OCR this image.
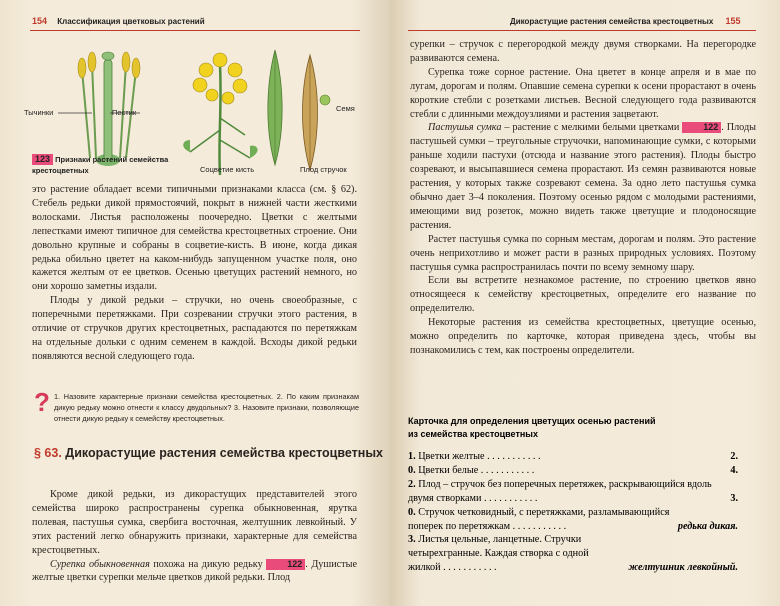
154 Классификация цветковых растений
Тычинки	Пестик	Семя
Соцветие кисть	Плод стручок
123 Признаки растений семейства крестоцветных

это растение обладает всеми типичными признаками класса (см. § 62). Стебель редьки дикой прямостоячий, покрыт в нижней части жесткими волосками. Листья расположены поочередно. Цветки с желтыми лепестками имеют типичное для семейства крестоцветных строение. Они довольно крупные и собраны в соцветие-кисть. В июне, когда дикая редька обильно цветет на каком-нибудь запущенном участке поля, оно кажется желтым от ее цветков. Осенью цветущих растений немного, но они хорошо заметны издали.

Плоды у дикой редьки – стручки, но очень своеобразные, с поперечными перетяжками. При созревании стручки этого растения, в отличие от стручков других крестоцветных, распадаются по перетяжкам на отдельные дольки с одним семенем в каждой. Всходы дикой редьки появляются весной следующего года.

? 1. Назовите характерные признаки семейства крестоцветных. 2. По каким признакам дикую редьку можно отнести к классу двудольных? 3. Назовите признаки, позволяющие отнести дикую редьку к семейству крестоцветных.
§ 63. Дикорастущие растения семейства крестоцветных

Кроме дикой редьки, из дикорастущих представителей этого семейства широко распространены сурепка обыкновенная, ярутка полевая, пастушья сумка, свербига восточная, желтушник левкойный. У этих растений легко обнаружить признаки, характерные для семейства крестоцветных.

Сурепка обыкновенная похожа на дикую редьку 122 . Душистые желтые цветки сурепки мельче цветков дикой редьки. Плод

Дикорастущие растения семейства крестоцветных 155

сурепки – стручок с перегородкой между двумя створками. На перегородке развиваются семена.

Сурепка тоже сорное растение. Она цветет в конце апреля и в мае по лугам, дорогам и полям. Опавшие семена сурепки к осени прорастают в очень короткие стебли с розетками листьев. Весной следующего года развиваются стебли с длинными междоузлиями и растения зацветают.

Пастушья сумка – растение с мелкими белыми цветками 122 . Плоды пастушьей сумки – треугольные стручочки, напоминающие сумки, с которыми раньше ходили пастухи (отсюда и название этого растения). Плоды быстро созревают, и высыпавшиеся семена прорастают. Из семян развиваются новые растения, у которых также созревают семена. За одно лето пастушья сумка обычно дает 3–4 поколения. Поэтому осенью рядом с молодыми растениями, имеющими вид розеток, можно видеть также цветущие и плодоносящие растения.

Растет пастушья сумка по сорным местам, дорогам и полям. Это растение очень неприхотливо и может расти в разных природных условиях. Поэтому пастушья сумка распространилась почти по всему земному шару.

Если вы встретите незнакомое растение, по строению цветков явно относящееся к семейству крестоцветных, определите его название по определителю.

Некоторые растения из семейства крестоцветных, цветущие осенью, можно определить по карточке, которая приведена здесь, чтобы вы познакомились с тем, как построены определители.

Карточка для определения цветущих осенью растений
из семейства крестоцветных
1. Цветки желтые . . . . . . . . . . .	2.
0. Цветки белые . . . . . . . . . . .	4.
2. Плод – стручок без поперечных перетяжек, раскрывающийся вдоль двумя створками . . . . . . . . . . .	3.
0. Стручок четковидный, с перетяжками, разламывающийся поперек по перетяжкам . . . . . . . . . . .	редька дикая.
3. Листья цельные, ланцетные. Стручки четырехгранные. Каждая створка с одной жилкой . . . . . . . . . . .	желтушник левкойный.
